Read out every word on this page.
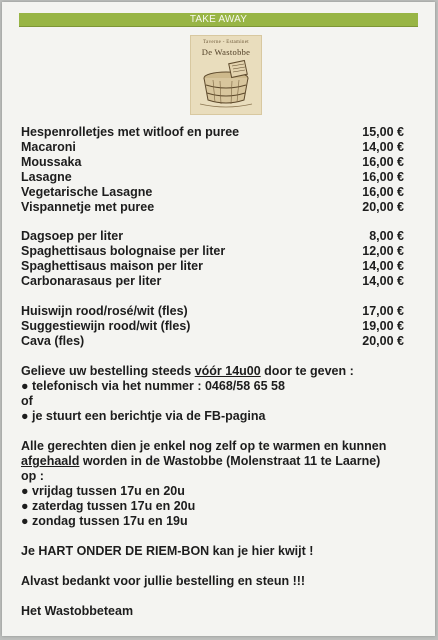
TAKE AWAY
Taverne - Estaminet
De Wastobbe
Hespenrolletjes met witloof en puree	15,00 €
Macaroni	14,00 €
Moussaka	16,00 €
Lasagne	16,00 €
Vegetarische Lasagne	16,00 €
Vispannetje met puree	20,00 €
Dagsoep per liter	8,00 €
Spaghettisaus bolognaise per liter	12,00 €
Spaghettisaus maison per liter	14,00 €
Carbonarasaus per liter	14,00 €
Huiswijn rood/rosé/wit (fles)	17,00 €
Suggestiewijn rood/wit (fles)	19,00 €
Cava (fles)	20,00 €
Gelieve uw bestelling steeds vóór 14u00 door te geven :
● telefonisch via het nummer : 0468/58 65 58
of
● je stuurt een berichtje via de FB-pagina
Alle gerechten dien je enkel nog zelf op te warmen en kunnen
afgehaald worden in de Wastobbe (Molenstraat 11 te Laarne)
op :
● vrijdag tussen 17u en 20u
● zaterdag tussen 17u en 20u
● zondag tussen 17u en 19u
Je HART ONDER DE RIEM-BON kan je hier kwijt !
Alvast bedankt voor jullie bestelling en steun !!!
Het Wastobbeteam
